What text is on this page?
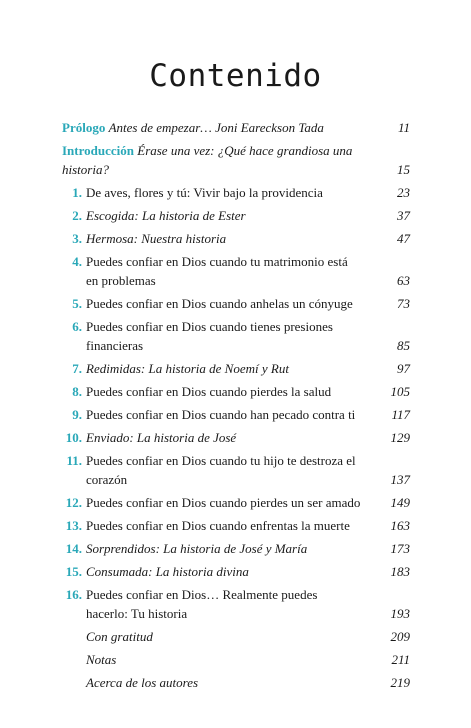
Contenido
Prólogo Antes de empezar… Joni Eareckson Tada	11
Introducción Érase una vez: ¿Qué hace grandiosa una historia?	15
1. De aves, flores y tú: Vivir bajo la providencia	23
2. Escogida: La historia de Ester	37
3. Hermosa: Nuestra historia	47
4. Puedes confiar en Dios cuando tu matrimonio está en problemas	63
5. Puedes confiar en Dios cuando anhelas un cónyuge	73
6. Puedes confiar en Dios cuando tienes presiones financieras	85
7. Redimidas: La historia de Noemí y Rut	97
8. Puedes confiar en Dios cuando pierdes la salud	105
9. Puedes confiar en Dios cuando han pecado contra ti	117
10. Enviado: La historia de José	129
11. Puedes confiar en Dios cuando tu hijo te destroza el corazón	137
12. Puedes confiar en Dios cuando pierdes un ser amado	149
13. Puedes confiar en Dios cuando enfrentas la muerte	163
14. Sorprendidos: La historia de José y María	173
15. Consumada: La historia divina	183
16. Puedes confiar en Dios… Realmente puedes hacerlo: Tu historia	193
Con gratitud	209
Notas	211
Acerca de los autores	219
